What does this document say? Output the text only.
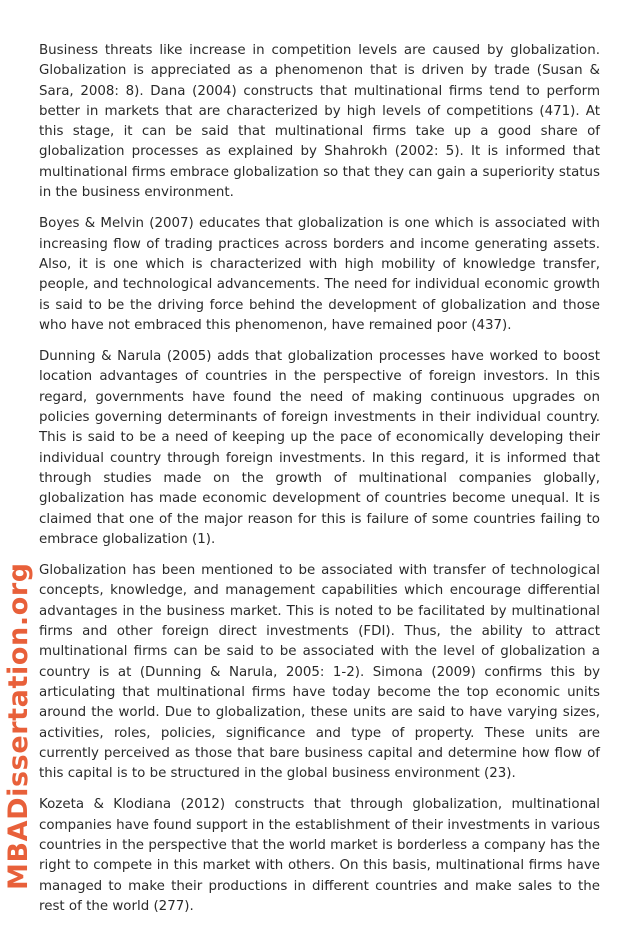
Business threats like increase in competition levels are caused by globalization. Globalization is appreciated as a phenomenon that is driven by trade (Susan & Sara, 2008: 8). Dana (2004) constructs that multinational firms tend to perform better in markets that are characterized by high levels of competitions (471). At this stage, it can be said that multinational firms take up a good share of globalization processes as explained by Shahrokh (2002: 5). It is informed that multinational firms embrace globalization so that they can gain a superiority status in the business environment.

Boyes & Melvin (2007) educates that globalization is one which is associated with increasing flow of trading practices across borders and income generating assets. Also, it is one which is characterized with high mobility of knowledge transfer, people, and technological advancements. The need for individual economic growth is said to be the driving force behind the development of globalization and those who have not embraced this phenomenon, have remained poor (437).

Dunning & Narula (2005) adds that globalization processes have worked to boost location advantages of countries in the perspective of foreign investors. In this regard, governments have found the need of making continuous upgrades on policies governing determinants of foreign investments in their individual country. This is said to be a need of keeping up the pace of economically developing their individual country through foreign investments. In this regard, it is informed that through studies made on the growth of multinational companies globally, globalization has made economic development of countries become unequal. It is claimed that one of the major reason for this is failure of some countries failing to embrace globalization (1).

Globalization has been mentioned to be associated with transfer of technological concepts, knowledge, and management capabilities which encourage differential advantages in the business market. This is noted to be facilitated by multinational firms and other foreign direct investments (FDI). Thus, the ability to attract multinational firms can be said to be associated with the level of globalization a country is at (Dunning & Narula, 2005: 1-2). Simona (2009) confirms this by articulating that multinational firms have today become the top economic units around the world. Due to globalization, these units are said to have varying sizes, activities, roles, policies, significance and type of property. These units are currently perceived as those that bare business capital and determine how flow of this capital is to be structured in the global business environment (23).

Kozeta & Klodiana (2012) constructs that through globalization, multinational companies have found support in the establishment of their investments in various countries in the perspective that the world market is borderless a company has the right to compete in this market with others. On this basis, multinational firms have managed to make their productions in different countries and make sales to the rest of the world (277).

MBADissertation.org
